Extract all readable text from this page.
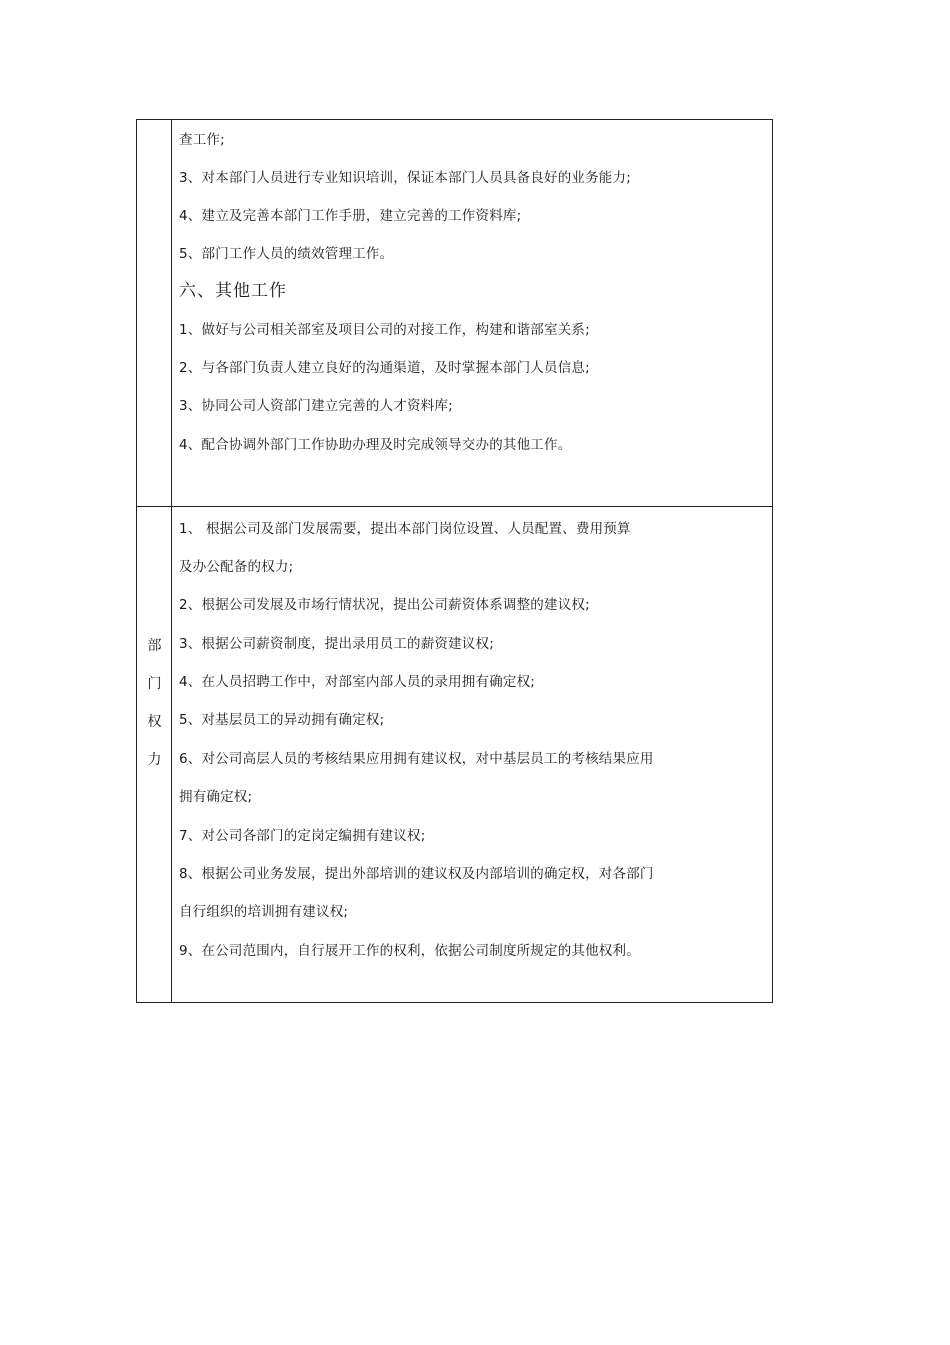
查工作;
3、对本部门人员进行专业知识培训，保证本部门人员具备良好的业务能力;
4、建立及完善本部门工作手册，建立完善的工作资料库;
5、部门工作人员的绩效管理工作。
六、其他工作
1、做好与公司相关部室及项目公司的对接工作，构建和谐部室关系;
2、与各部门负责人建立良好的沟通渠道，及时掌握本部门人员信息;
3、协同公司人资部门建立完善的人才资料库;
4、配合协调外部门工作协助办理及时完成领导交办的其他工作。
部
门
权
力
1、 根据公司及部门发展需要，提出本部门岗位设置、人员配置、费用预算
及办公配备的权力;
2、根据公司发展及市场行情状况，提出公司薪资体系调整的建议权;
3、根据公司薪资制度，提出录用员工的薪资建议权;
4、在人员招聘工作中，对部室内部人员的录用拥有确定权;
5、对基层员工的异动拥有确定权;
6、对公司高层人员的考核结果应用拥有建议权，对中基层员工的考核结果应用
拥有确定权;
7、对公司各部门的定岗定编拥有建议权;
8、根据公司业务发展，提出外部培训的建议权及内部培训的确定权，对各部门
自行组织的培训拥有建议权;
9、在公司范围内，自行展开工作的权利，依据公司制度所规定的其他权利。
